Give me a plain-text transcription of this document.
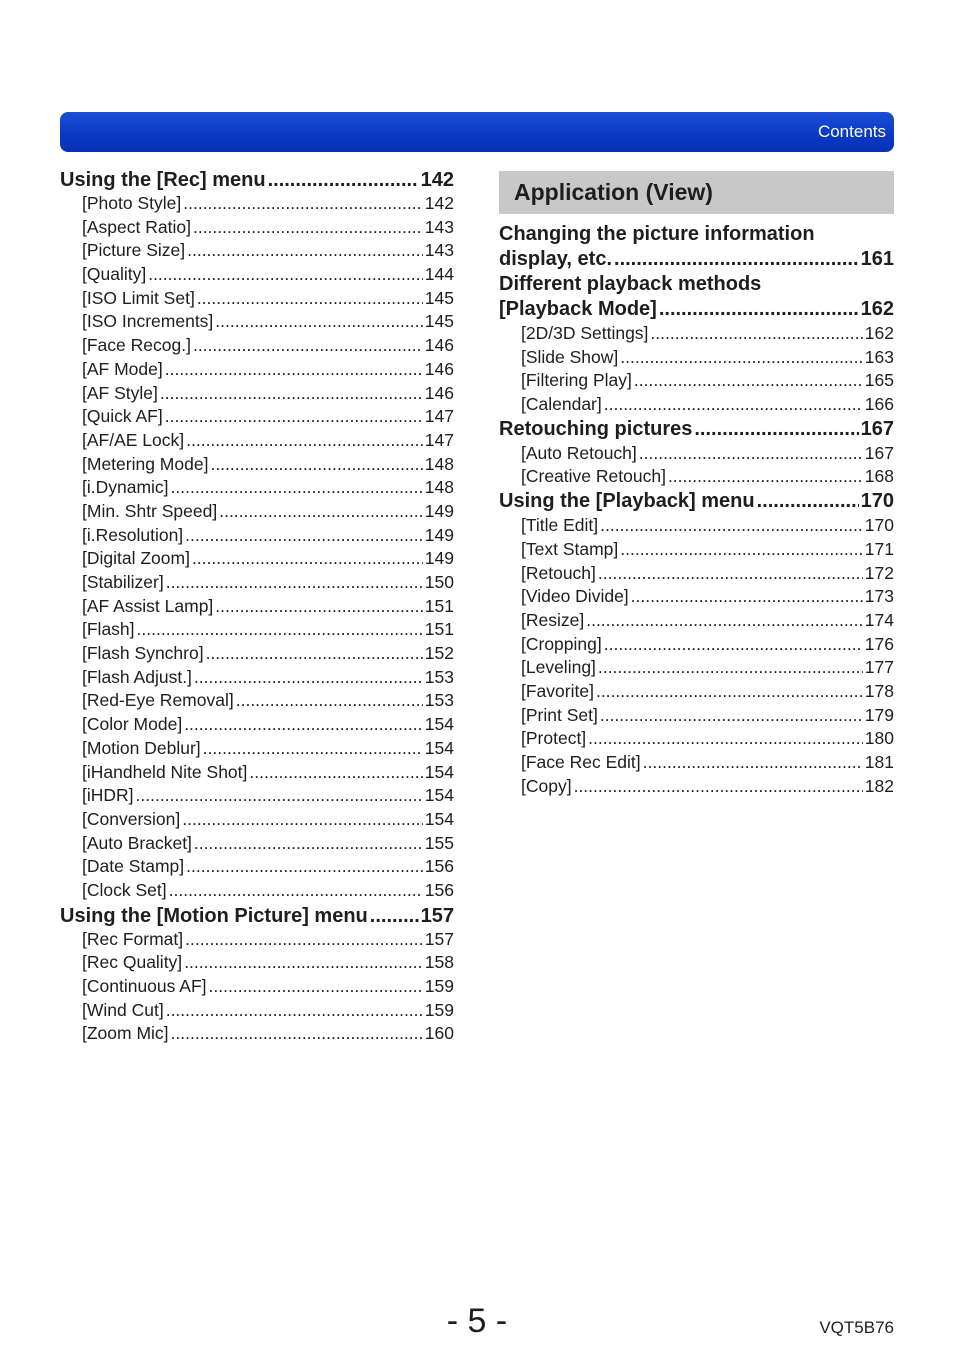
Contents
Using the [Rec] menu .....	142
[Photo Style] .....	142
[Aspect Ratio] .....	143
[Picture Size] .....	143
[Quality] .....	144
[ISO Limit Set] .....	145
[ISO Increments] .....	145
[Face Recog.] .....	146
[AF Mode] .....	146
[AF Style] .....	146
[Quick AF] .....	147
[AF/AE Lock] .....	147
[Metering Mode] .....	148
[i.Dynamic] .....	148
[Min. Shtr Speed] .....	149
[i.Resolution] .....	149
[Digital Zoom] .....	149
[Stabilizer] .....	150
[AF Assist Lamp] .....	151
[Flash] .....	151
[Flash Synchro] .....	152
[Flash Adjust.] .....	153
[Red-Eye Removal] .....	153
[Color Mode] .....	154
[Motion Deblur] .....	154
[iHandheld Nite Shot] .....	154
[iHDR] .....	154
[Conversion] .....	154
[Auto Bracket] .....	155
[Date Stamp] .....	156
[Clock Set] .....	156
Using the [Motion Picture] menu .....	157
[Rec Format] .....	157
[Rec Quality] .....	158
[Continuous AF] .....	159
[Wind Cut] .....	159
[Zoom Mic] .....	160
Application (View)
Changing the picture information
display, etc. .....	161
Different playback methods
[Playback Mode] .....	162
[2D/3D Settings] .....	162
[Slide Show] .....	163
[Filtering Play] .....	165
[Calendar] .....	166
Retouching pictures .....	167
[Auto Retouch] .....	167
[Creative Retouch] .....	168
Using the [Playback] menu .....	170
[Title Edit] .....	170
[Text Stamp] .....	171
[Retouch] .....	172
[Video Divide] .....	173
[Resize] .....	174
[Cropping] .....	176
[Leveling] .....	177
[Favorite] .....	178
[Print Set] .....	179
[Protect] .....	180
[Face Rec Edit] .....	181
[Copy] .....	182
- 5 -	VQT5B76
